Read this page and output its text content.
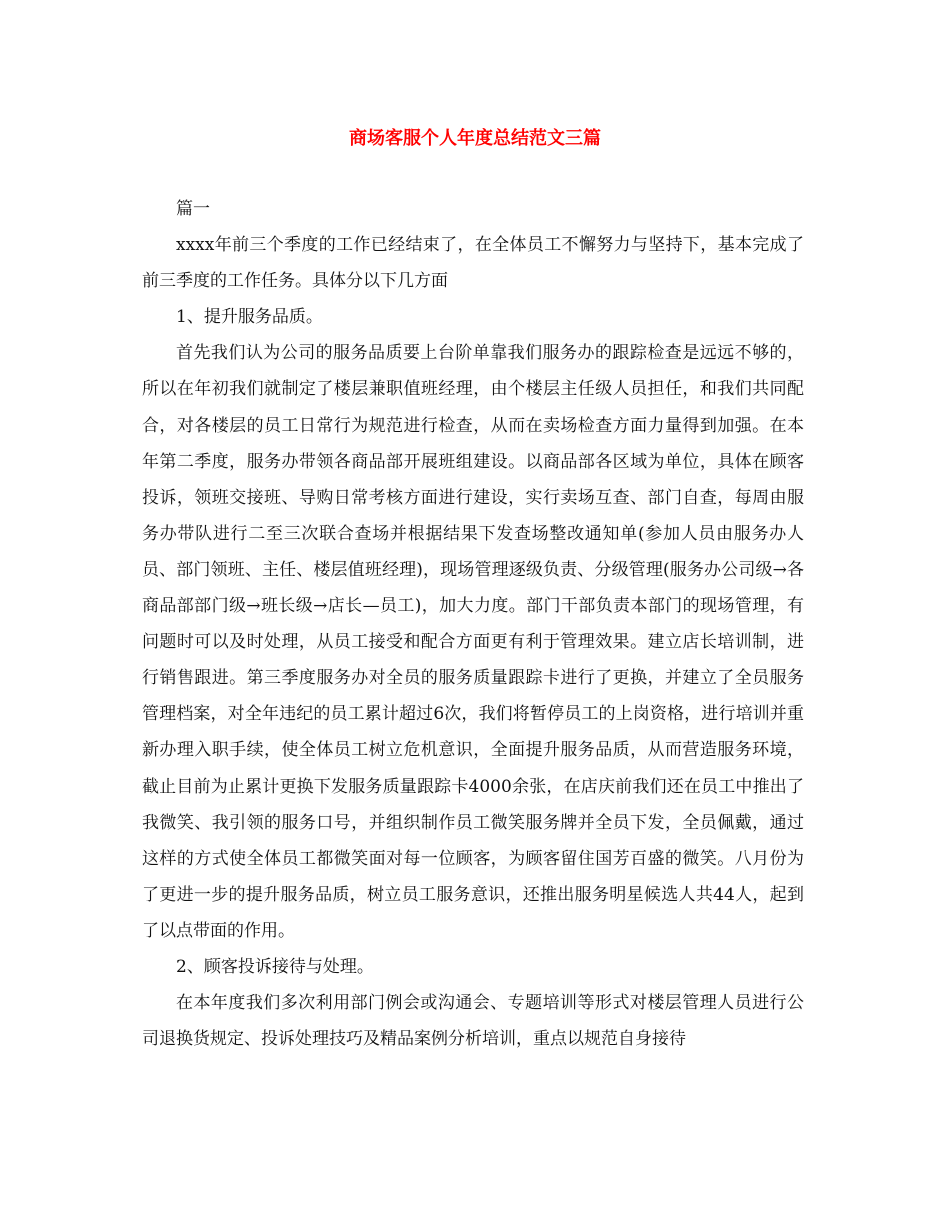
商场客服个人年度总结范文三篇

篇一

xxxx年前三个季度的工作已经结束了，在全体员工不懈努力与坚持下，基本完成了前三季度的工作任务。具体分以下几方面

1、提升服务品质。

首先我们认为公司的服务品质要上台阶单靠我们服务办的跟踪检查是远远不够的，所以在年初我们就制定了楼层兼职值班经理，由个楼层主任级人员担任，和我们共同配合，对各楼层的员工日常行为规范进行检查，从而在卖场检查方面力量得到加强。在本年第二季度，服务办带领各商品部开展班组建设。以商品部各区域为单位，具体在顾客投诉，领班交接班、导购日常考核方面进行建设，实行卖场互查、部门自查，每周由服务办带队进行二至三次联合查场并根据结果下发查场整改通知单(参加人员由服务办人员、部门领班、主任、楼层值班经理)，现场管理逐级负责、分级管理(服务办公司级→各商品部部门级→班长级→店长—员工)，加大力度。部门干部负责本部门的现场管理，有问题时可以及时处理，从员工接受和配合方面更有利于管理效果。建立店长培训制，进行销售跟进。第三季度服务办对全员的服务质量跟踪卡进行了更换，并建立了全员服务管理档案，对全年违纪的员工累计超过6次，我们将暂停员工的上岗资格，进行培训并重新办理入职手续，使全体员工树立危机意识，全面提升服务品质，从而营造服务环境，截止目前为止累计更换下发服务质量跟踪卡4000余张，在店庆前我们还在员工中推出了我微笑、我引领的服务口号，并组织制作员工微笑服务牌并全员下发，全员佩戴，通过这样的方式使全体员工都微笑面对每一位顾客，为顾客留住国芳百盛的微笑。八月份为了更进一步的提升服务品质，树立员工服务意识，还推出服务明星候选人共44人，起到了以点带面的作用。

2、顾客投诉接待与处理。

在本年度我们多次利用部门例会或沟通会、专题培训等形式对楼层管理人员进行公司退换货规定、投诉处理技巧及精品案例分析培训，重点以规范自身接待
